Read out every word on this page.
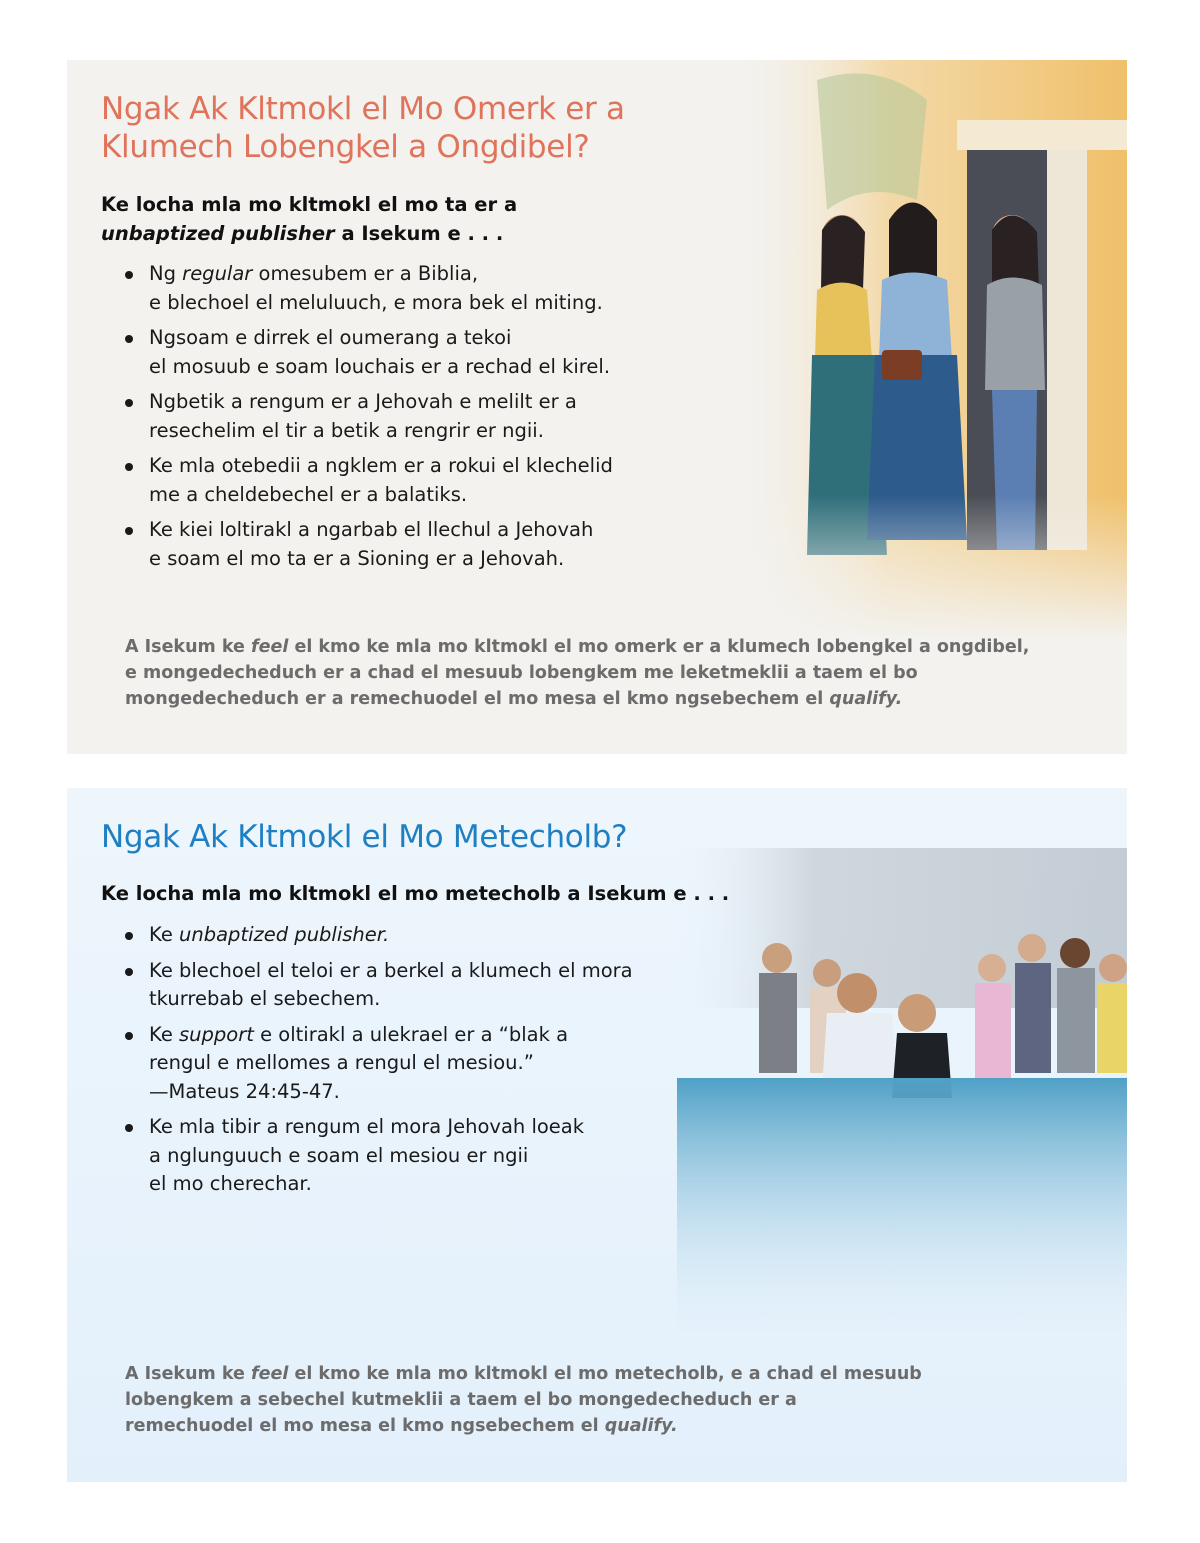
Ngak Ak Kltmokl el Mo Omerk er a
Klumech Lobengkel a Ongdibel?

Ke locha mla mo kltmokl el mo ta er a
unbaptized publisher a Isekum e . . .

Ng regular omesubem er a Biblia,
e blechoel el meluluuch, e mora bek el miting.
Ngsoam e dirrek el oumerang a tekoi
el mosuub e soam louchais er a rechad el kirel.
Ngbetik a rengum er a Jehovah e melilt er a
resechelim el tir a betik a rengrir er ngii.
Ke mla otebedii a ngklem er a rokui el klechelid
me a cheldebechel er a balatiks.
Ke kiei loltirakl a ngarbab el llechul a Jehovah
e soam el mo ta er a Sioning er a Jehovah.

A Isekum ke feel el kmo ke mla mo kltmokl el mo omerk er a klumech lobengkel a ongdibel,
e mongedecheduch er a chad el mesuub lobengkem me leketmeklii a taem el bo
mongedecheduch er a remechuodel el mo mesa el kmo ngsebechem el qualify.

Ngak Ak Kltmokl el Mo Metecholb?

Ke locha mla mo kltmokl el mo metecholb a Isekum e . . .

Ke unbaptized publisher.
Ke blechoel el teloi er a berkel a klumech el mora
tkurrebab el sebechem.
Ke support e oltirakl a ulekrael er a “blak a
rengul e mellomes a rengul el mesiou.”
—Mateus 24:45-47.
Ke mla tibir a rengum el mora Jehovah loeak
a nglunguuch e soam el mesiou er ngii
el mo cherechar.

A Isekum ke feel el kmo ke mla mo kltmokl el mo metecholb, e a chad el mesuub
lobengkem a sebechel kutmeklii a taem el bo mongedecheduch er a
remechuodel el mo mesa el kmo ngsebechem el qualify.
